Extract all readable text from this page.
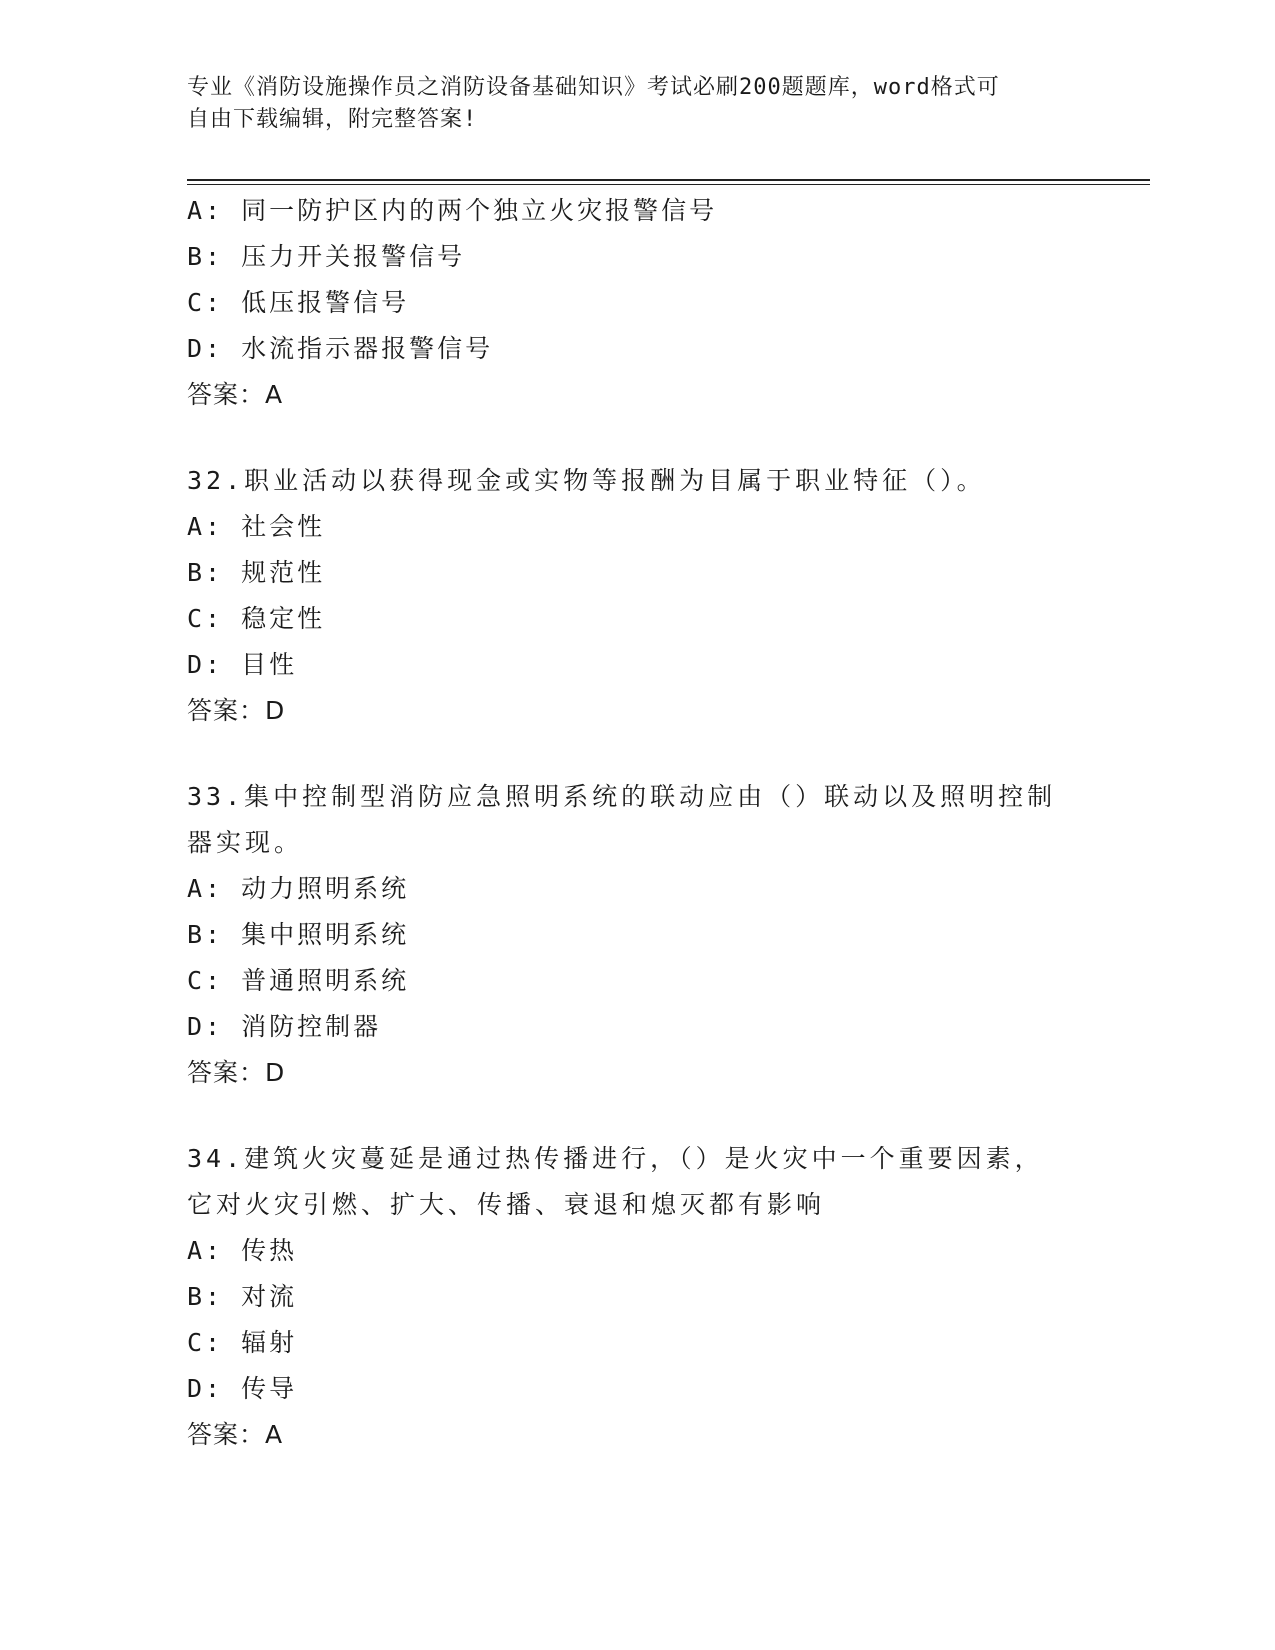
专业《消防设施操作员之消防设备基础知识》考试必刷200题题库，word格式可
自由下载编辑，附完整答案!
A: 同一防护区内的两个独立火灾报警信号
B: 压力开关报警信号
C: 低压报警信号
D: 水流指示器报警信号
答案：A
32.职业活动以获得现金或实物等报酬为目属于职业特征（）。
A: 社会性
B: 规范性
C: 稳定性
D: 目性
答案：D
33.集中控制型消防应急照明系统的联动应由（）联动以及照明控制器实现。
A: 动力照明系统
B: 集中照明系统
C: 普通照明系统
D: 消防控制器
答案：D
34.建筑火灾蔓延是通过热传播进行，（）是火灾中一个重要因素，它对火灾引燃、扩大、传播、衰退和熄灭都有影响
A: 传热
B: 对流
C: 辐射
D: 传导
答案：A
